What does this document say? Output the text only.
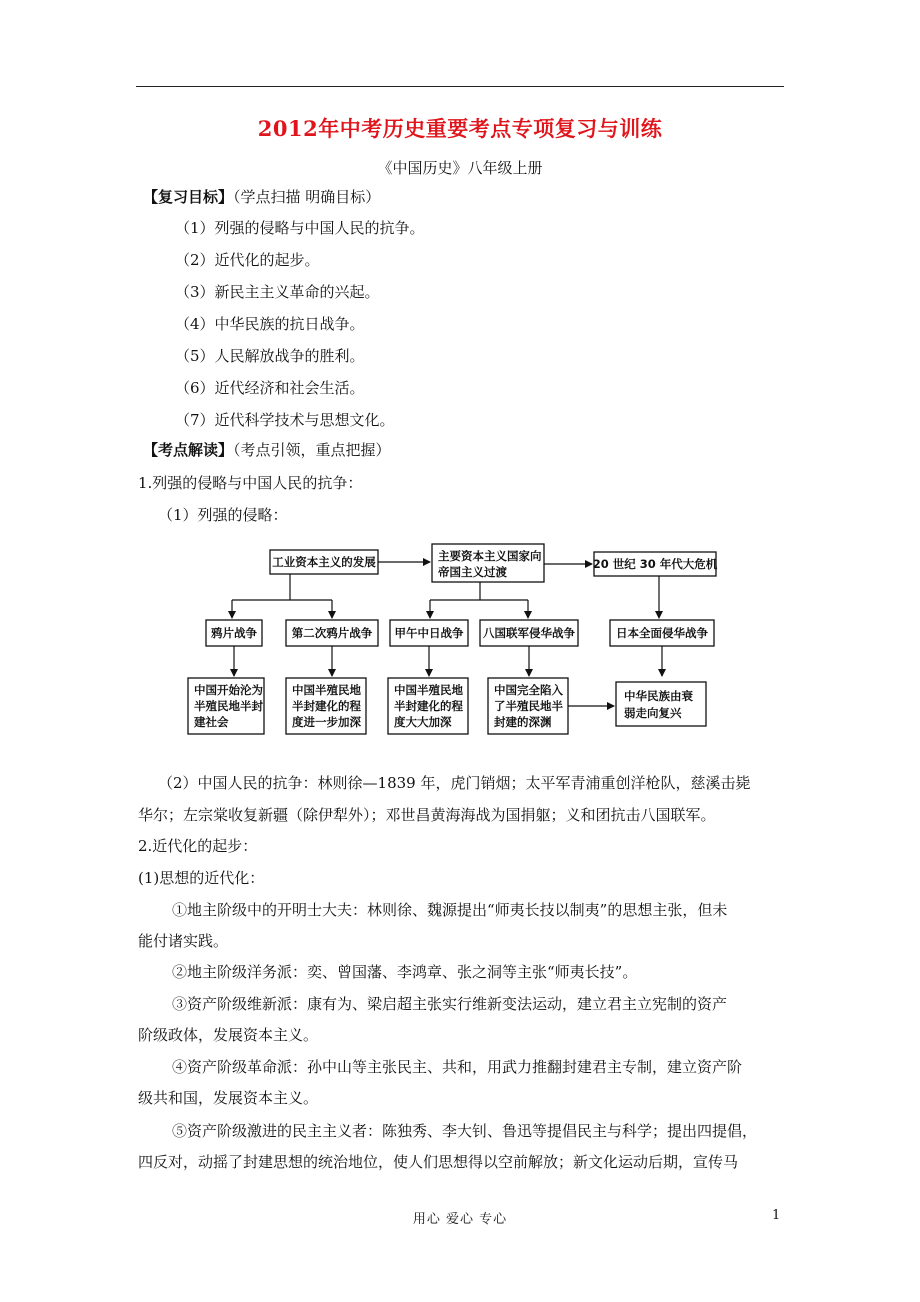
2012年中考历史重要考点专项复习与训练
《中国历史》八年级上册
【复习目标】（学点扫描 明确目标）
（1）列强的侵略与中国人民的抗争。
（2）近代化的起步。
（3）新民主主义革命的兴起。
（4）中华民族的抗日战争。
（5）人民解放战争的胜利。
（6）近代经济和社会生活。
（7）近代科学技术与思想文化。
【考点解读】（考点引领，重点把握）
1.列强的侵略与中国人民的抗争：
（1）列强的侵略：
工业资本主义的发展	主要资本主义国家向
帝国主义过渡
20 世纪 30 年代大危机
鸦片战争	第二次鸦片战争 甲午中日战争 八国联军侵华战争	日本全面侵华战争
中国开始沦为
半殖民地半封
建社会
中国半殖民地
半封建化的程
度进一步加深
中国半殖民地
半封建化的程
度大大加深
中国完全陷入
了半殖民地半
封建的深渊
中华民族由衰
弱走向复兴
（2）中国人民的抗争：林则徐—1839 年，虎门销烟；太平军青浦重创洋枪队，慈溪击毙
华尔；左宗棠收复新疆（除伊犁外）；邓世昌黄海海战为国捐躯；义和团抗击八国联军。
2.近代化的起步：
(1)思想的近代化：
①地主阶级中的开明士大夫：林则徐、魏源提出“师夷长技以制夷”的思想主张，但未
能付诸实践。
②地主阶级洋务派：奕、曾国藩、李鸿章、张之洞等主张“师夷长技”。
③资产阶级维新派：康有为、梁启超主张实行维新变法运动，建立君主立宪制的资产
阶级政体，发展资本主义。
④资产阶级革命派：孙中山等主张民主、共和，用武力推翻封建君主专制，建立资产阶
级共和国，发展资本主义。
⑤资产阶级激进的民主主义者：陈独秀、李大钊、鲁迅等提倡民主与科学；提出四提倡，
四反对，动摇了封建思想的统治地位，使人们思想得以空前解放；新文化运动后期，宣传马
用心 爱心 专心	1
